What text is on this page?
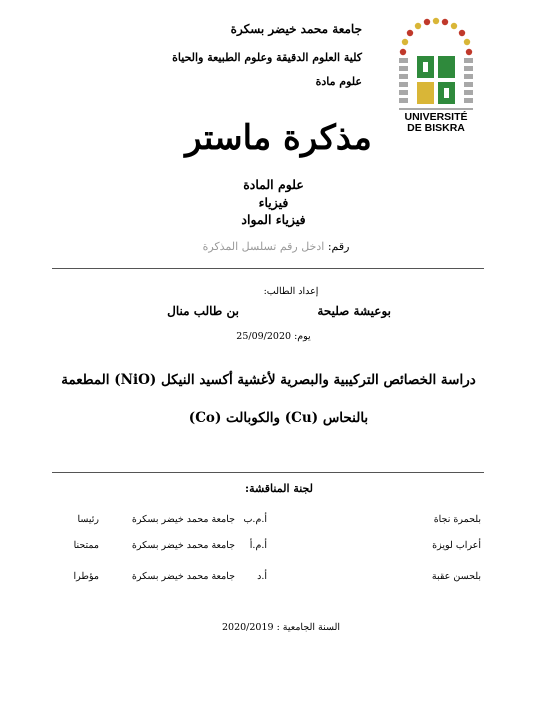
جامعة محمد خيضر بسكرة
كلية العلوم الدقيقة وعلوم الطبيعة والحياة
علوم مادة
UNIVERSITÉ
DE BISKRA
مذكرة ماستر
علوم المادة
فيزياء
فيزياء المواد
رقم: ادخل رقم تسلسل المذكرة
إعداد الطالب:
بوعيشة صليحة
بن طالب منال
يوم: 25/09/2020
دراسة الخصائص التركيبية والبصرية لأغشية أكسيد النيكل (NiO) المطعمة
بالنحاس (Cu) والكوبالت (Co)
لجنة المناقشة:
بلحمرة نجاة
أ.م.ب
جامعة محمد خيضر بسكرة
رئيسا
أعراب لويزة
أ.م.أ
جامعة محمد خيضر بسكرة
ممتحنا
بلحسن عقبة
أ.د
جامعة محمد خيضر بسكرة
مؤطرا
السنة الجامعية : 2020/2019
